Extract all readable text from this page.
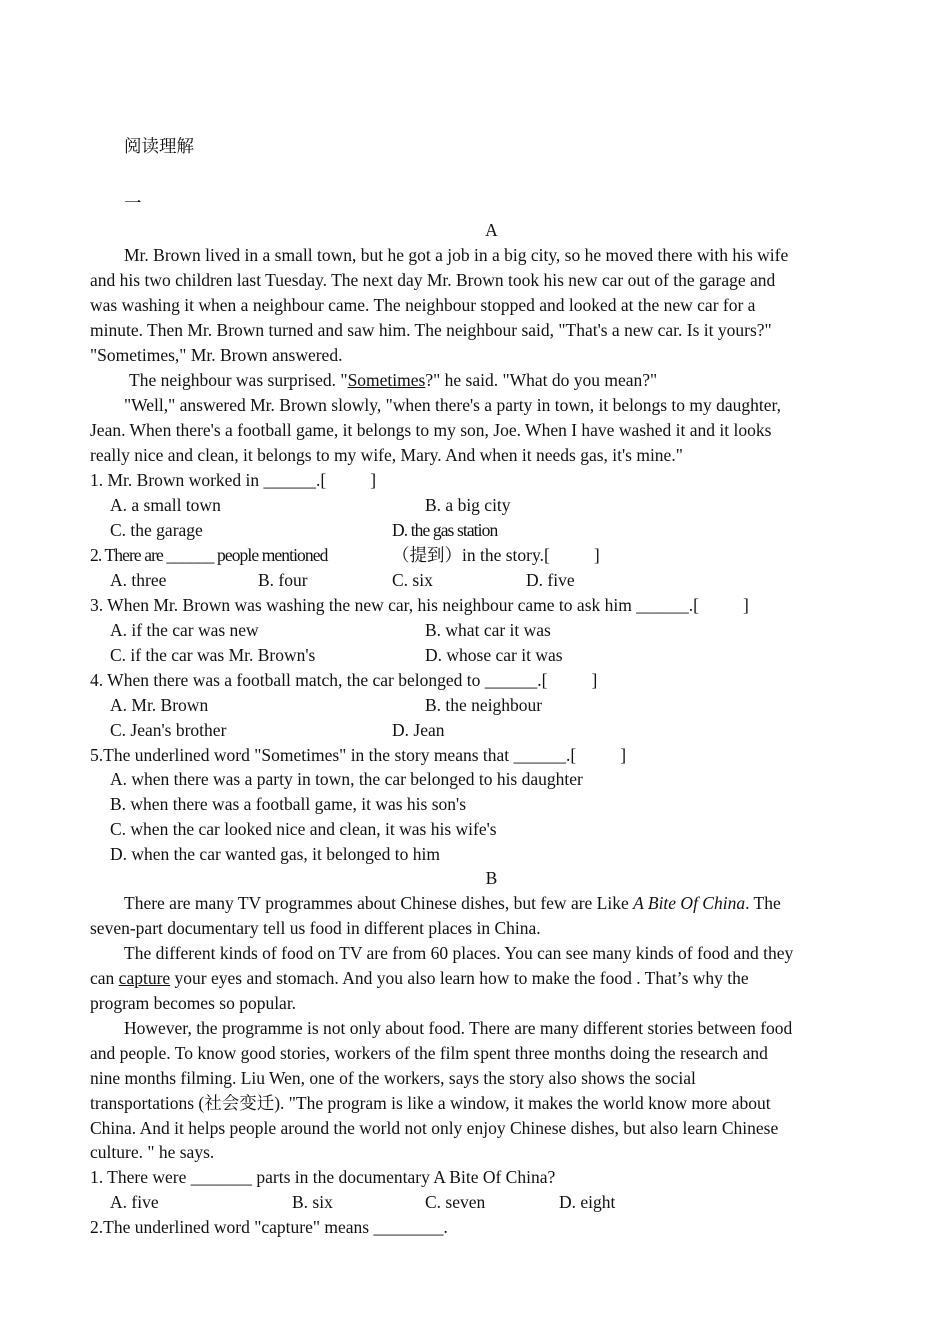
阅读理解
一
A
Mr. Brown lived in a small town, but he got a job in a big city, so he moved there with his wife
and his two children last Tuesday. The next day Mr. Brown took his new car out of the garage and
was washing it when a neighbour came. The neighbour stopped and looked at the new car for a
minute. Then Mr. Brown turned and saw him. The neighbour said, "That's a new car. Is it yours?"
"Sometimes," Mr. Brown answered.
The neighbour was surprised. "Sometimes?" he said. "What do you mean?"
"Well," answered Mr. Brown slowly, "when there's a party in town, it belongs to my daughter,
Jean. When there's a football game, it belongs to my son, Joe. When I have washed it and it looks
really nice and clean, it belongs to my wife, Mary. And when it needs gas, it's mine."
1. Mr. Brown worked in ______.[	]
A. a small town	B. a big city
C. the garage	D. the gas station
2. There are ______ people mentioned	（提到）in the story.[	]
A. three	B. four	C. six	D. five
3. When Mr. Brown was washing the new car, his neighbour came to ask him ______.[	]
A. if the car was new	B. what car it was
C. if the car was Mr. Brown's	D. whose car it was
4. When there was a football match, the car belonged to ______.[	]
A. Mr. Brown	B. the neighbour
C. Jean's brother	D. Jean
5.The underlined word "Sometimes" in the story means that ______.[	]
A. when there was a party in town, the car belonged to his daughter
B. when there was a football game, it was his son's
C. when the car looked nice and clean, it was his wife's
D. when the car wanted gas, it belonged to him
B
There are many TV programmes about Chinese dishes, but few are Like A Bite Of China. The
seven-part documentary tell us food in different places in China.
The different kinds of food on TV are from 60 places. You can see many kinds of food and they
can capture your eyes and stomach. And you also learn how to make the food . That’s why the
program becomes so popular.
However, the programme is not only about food. There are many different stories between food
and people. To know good stories, workers of the film spent three months doing the research and
nine months filming. Liu Wen, one of the workers, says the story also shows the social
transportations (社会变迁). "The program is like a window, it makes the world know more about
China. And it helps people around the world not only enjoy Chinese dishes, but also learn Chinese
culture. " he says.
1. There were _______ parts in the documentary A Bite Of China?
A. five	B. six	C. seven	D. eight
2.The underlined word "capture" means ________.
